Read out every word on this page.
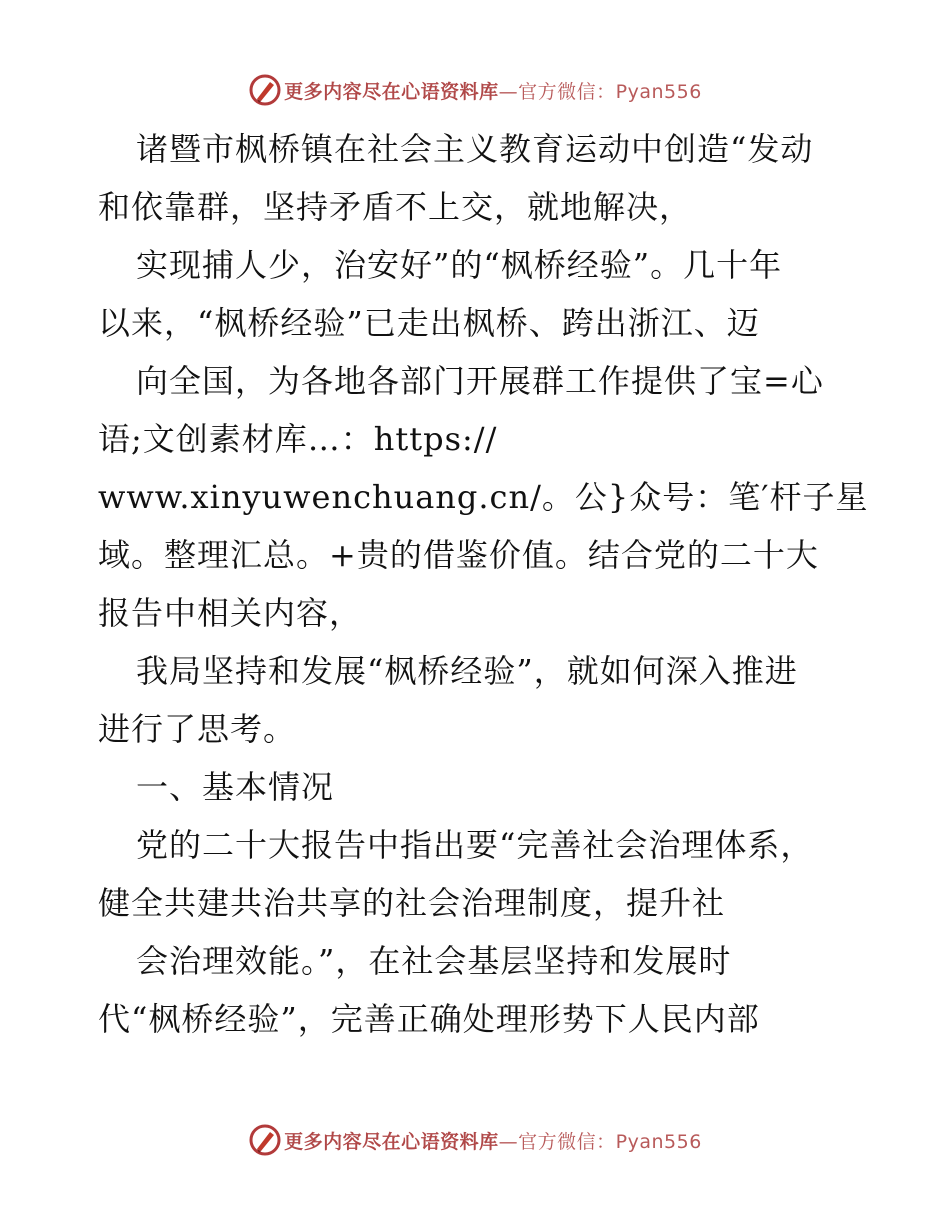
更多内容尽在心语资料库—官方微信：Pyan556
诸暨市枫桥镇在社会主义教育运动中创造“发动
和依靠群，坚持矛盾不上交，就地解决，
实现捕人少，治安好”的“枫桥经验”。几十年
以来，“枫桥经验”已走出枫桥、跨出浙江、迈
向全国，为各地各部门开展群工作提供了宝=心
语;文创素材库…：https://
www.xinyuwenchuang.cn/。公}众号：笔′杆子星
域。整理汇总。+贵的借鉴价值。结合党的二十大
报告中相关内容，
我局坚持和发展“枫桥经验”，就如何深入推进
进行了思考。
一、基本情况
党的二十大报告中指出要“完善社会治理体系，
健全共建共治共享的社会治理制度，提升社
会治理效能。”，在社会基层坚持和发展时
代“枫桥经验”，完善正确处理形势下人民内部
更多内容尽在心语资料库—官方微信：Pyan556
